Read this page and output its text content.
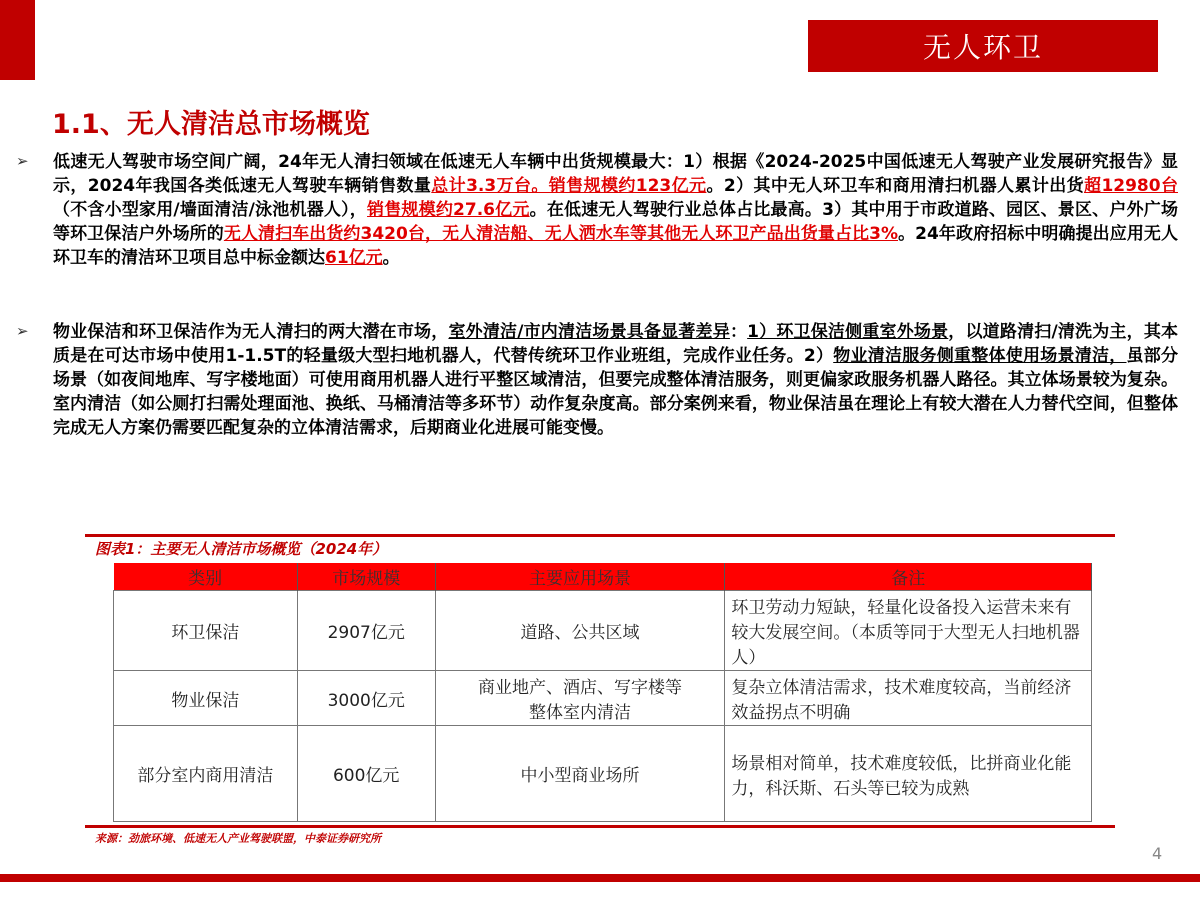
无人环卫
1.1、无人清洁总市场概览
➢ 低速无人驾驶市场空间广阔，24年无人清扫领域在低速无人车辆中出货规模最大：1）根据《2024-2025中国低速无人驾驶产业发展研究报告》显示，2024年我国各类低速无人驾驶车辆销售数量总计3.3万台。销售规模约123亿元。2）其中无人环卫车和商用清扫机器人累计出货超12980台（不含小型家用/墙面清洁/泳池机器人），销售规模约27.6亿元。在低速无人驾驶行业总体占比最高。3）其中用于市政道路、园区、景区、户外广场等环卫保洁户外场所的无人清扫车出货约3420台，无人清洁船、无人洒水车等其他无人环卫产品出货量占比3%。24年政府招标中明确提出应用无人环卫车的清洁环卫项目总中标金额达61亿元。
➢ 物业保洁和环卫保洁作为无人清扫的两大潜在市场，室外清洁/市内清洁场景具备显著差异：1）环卫保洁侧重室外场景，以道路清扫/清洗为主，其本质是在可达市场中使用1-1.5T的轻量级大型扫地机器人，代替传统环卫作业班组，完成作业任务。2）物业清洁服务侧重整体使用场景清洁，虽部分场景（如夜间地库、写字楼地面）可使用商用机器人进行平整区域清洁，但要完成整体清洁服务，则更偏家政服务机器人路径。其立体场景较为复杂。室内清洁（如公厕打扫需处理面池、换纸、马桶清洁等多环节）动作复杂度高。部分案例来看，物业保洁虽在理论上有较大潜在人力替代空间，但整体完成无人方案仍需要匹配复杂的立体清洁需求，后期商业化进展可能变慢。
图表1：主要无人清洁市场概览（2024年）
类别	市场规模	主要应用场景	备注
环卫保洁	2907亿元	道路、公共区域	环卫劳动力短缺，轻量化设备投入运营未来有较大发展空间。（本质等同于大型无人扫地机器人）
物业保洁	3000亿元	商业地产、酒店、写字楼等整体室内清洁	复杂立体清洁需求，技术难度较高，当前经济效益拐点不明确
部分室内商用清洁	600亿元	中小型商业场所	场景相对简单，技术难度较低，比拼商业化能力，科沃斯、石头等已较为成熟
来源：劲旅环境、低速无人产业驾驶联盟，中泰证券研究所
4
